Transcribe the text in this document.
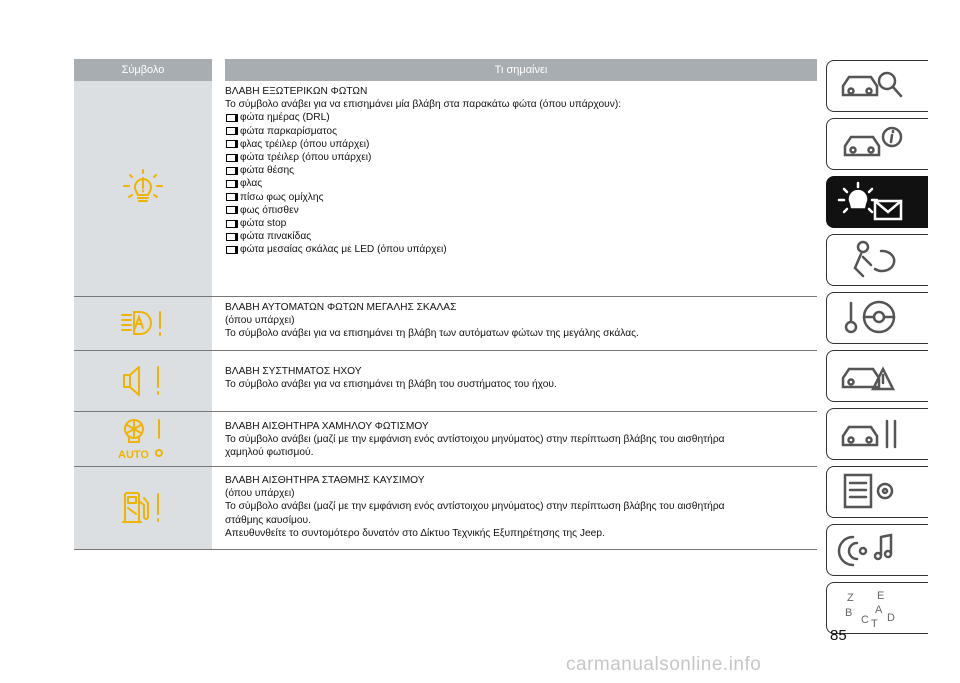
Σύμβολο	Τι σημαίνει
ΒΛΑΒΗ ΕΞΩΤΕΡΙΚΩΝ ΦΩΤΩΝ
Το σύμβολο ανάβει για να επισημάνει μία βλάβη στα παρακάτω φώτα (όπου υπάρχουν):
φώτα ημέρας (DRL)
φώτα παρκαρίσματος
φλας τρέιλερ (όπου υπάρχει)
φώτα τρέιλερ (όπου υπάρχει)
φώτα θέσης
φλας
πίσω φως ομίχλης
φως όπισθεν
φώτα stop
φώτα πινακίδας
φώτα μεσαίας σκάλας με LED (όπου υπάρχει)
ΒΛΑΒΗ ΑΥΤΟΜΑΤΩΝ ΦΩΤΩΝ ΜΕΓΑΛΗΣ ΣΚΑΛΑΣ
(όπου υπάρχει)
Το σύμβολο ανάβει για να επισημάνει τη βλάβη των αυτόματων φώτων της μεγάλης σκάλας.
ΒΛΑΒΗ ΣΥΣΤΗΜΑΤΟΣ ΗΧΟΥ
Το σύμβολο ανάβει για να επισημάνει τη βλάβη του συστήματος του ήχου.
AUTO
ΒΛΑΒΗ ΑΙΣΘΗΤΗΡΑ ΧΑΜΗΛΟΥ ΦΩΤΙΣΜΟΥ
Το σύμβολο ανάβει (μαζί με την εμφάνιση ενός αντίστοιχου μηνύματος) στην περίπτωση βλάβης του αισθητήρα
χαμηλού φωτισμού.
ΒΛΑΒΗ ΑΙΣΘΗΤΗΡΑ ΣΤΑΘΜΗΣ ΚΑΥΣΙΜΟΥ
(όπου υπάρχει)
Το σύμβολο ανάβει (μαζί με την εμφάνιση ενός αντίστοιχου μηνύματος) στην περίπτωση βλάβης του αισθητήρα
στάθμης καυσίμου.
Απευθυνθείτε το συντομότερο δυνατόν στο Δίκτυο Τεχνικής Εξυπηρέτησης της Jeep.
Z E
B A
C D
T
85
carmanualsonline.info
